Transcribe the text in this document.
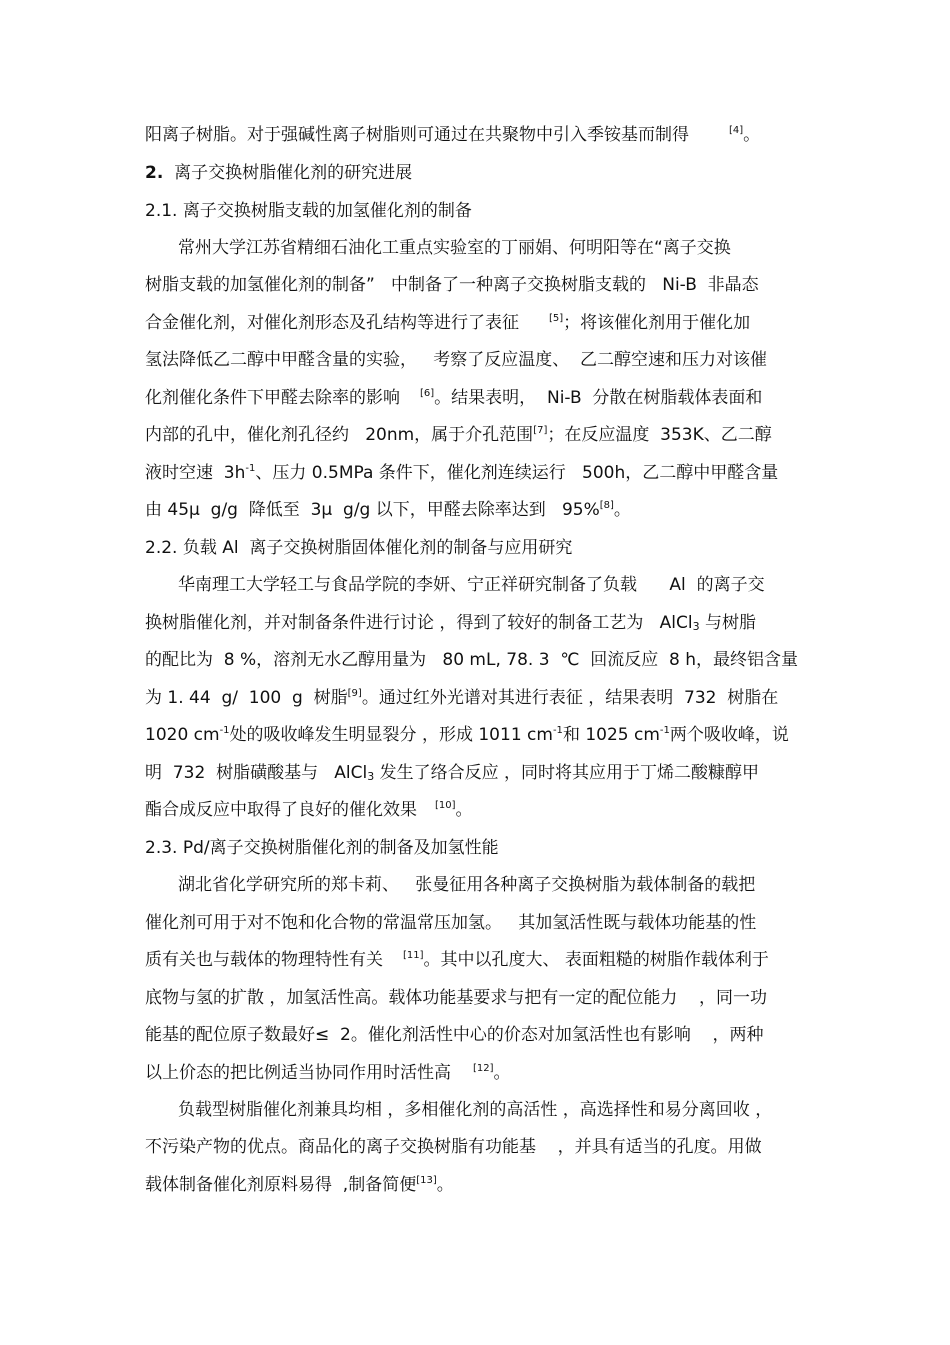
阳离子树脂。对于强碱性离子树脂则可通过在共聚物中引入季铵基而制得	[4]。
2. 离子交换树脂催化剂的研究进展
2.1. 离子交换树脂支载的加氢催化剂的制备
常州大学江苏省精细石油化工重点实验室的丁丽娟、何明阳等在“离子交换
树脂支载的加氢催化剂的制备”   中制备了一种离子交换树脂支载的   Ni-B  非晶态
合金催化剂，对催化剂形态及孔结构等进行了表征	[5]；将该催化剂用于催化加
氢法降低乙二醇中甲醛含量的实验，   考察了反应温度、  乙二醇空速和压力对该催
化剂催化条件下甲醛去除率的影响 [6]。结果表明，  Ni-B  分散在树脂载体表面和
内部的孔中，催化剂孔径约   20nm，属于介孔范围[7]；在反应温度  353K、乙二醇
液时空速  $3h^{-1}$、压力 0.5MPa 条件下，催化剂连续运行   500h，乙二醇中甲醛含量
由 45μ  g/g  降低至  3μ  g/g 以下，甲醛去除率达到   95%[8]。
2.2. 负载 Al  离子交换树脂固体催化剂的制备与应用研究
华南理工大学轻工与食品学院的李妍、宁正祥研究制备了负载      Al  的离子交
换树脂催化剂，并对制备条件进行讨论 ，得到了较好的制备工艺为   AlCl$_3$ 与树脂
的配比为  8 %，溶剂无水乙醇用量为   80 mL, 78. 3  ℃  回流反应  8 h，最终铝含量
为 1. 44  g/  100  g  树脂[9]。通过红外光谱对其进行表征 ，结果表明  732  树脂在
1020 $cm^{-1}$处的吸收峰发生明显裂分 ，形成 1011 $cm^{-1}$和 1025 $cm^{-1}$两个吸收峰，说
明  732  树脂磺酸基与   AlCl$_3$ 发生了络合反应 ，同时将其应用于丁烯二酸糠醇甲
酯合成反应中取得了良好的催化效果 [10]。
2.3. Pd/离子交换树脂催化剂的制备及加氢性能
湖北省化学研究所的郑卡莉、   张曼征用各种离子交换树脂为载体制备的载把
催化剂可用于对不饱和化合物的常温常压加氢。   其加氢活性既与载体功能基的性
质有关也与载体的物理特性有关 [11]。其中以孔度大、 表面粗糙的树脂作载体利于
底物与氢的扩散 ，加氢活性高。载体功能基要求与把有一定的配位能力    ，同一功
能基的配位原子数最好≤  2。催化剂活性中心的价态对加氢活性也有影响    ，两种
以上价态的把比例适当协同作用时活性高 [12]。
负载型树脂催化剂兼具均相 ，多相催化剂的高活性 ，高选择性和易分离回收 ，
不污染产物的优点。商品化的离子交换树脂有功能基    ，并具有适当的孔度。用做
载体制备催化剂原料易得  ,制备简便[13]。
